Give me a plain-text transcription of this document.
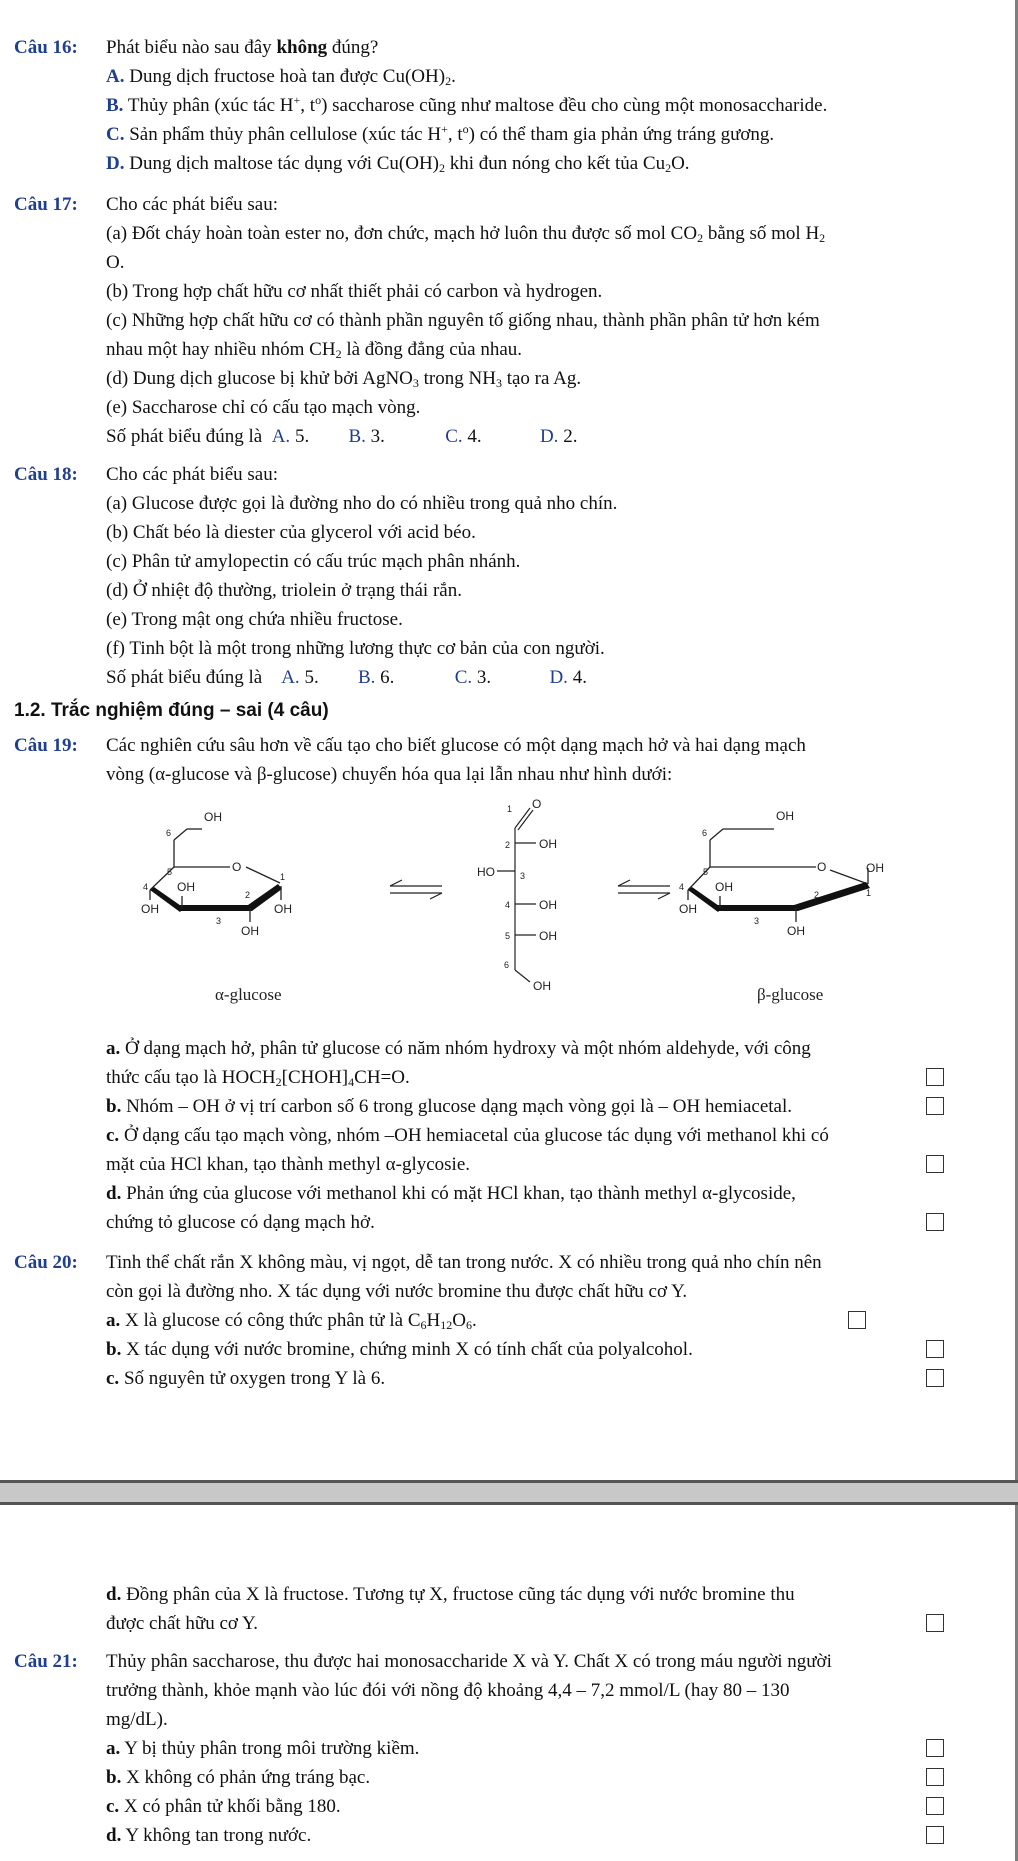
Câu 16:	Phát biểu nào sau đây không đúng?
A. Dung dịch fructose hoà tan được $Cu(OH)_2$.
B. Thủy phân (xúc tác H+, $t^o$) saccharose cũng như maltose đều cho cùng một monosaccharide.
C. Sản phẩm thủy phân cellulose (xúc tác H+, $t^o$) có thể tham gia phản ứng tráng gương.
D. Dung dịch maltose tác dụng với $Cu(OH)_2$ khi đun nóng cho kết tủa $Cu_2O$.
Câu 17:	Cho các phát biểu sau:
(a) Đốt cháy hoàn toàn ester no, đơn chức, mạch hở luôn thu được số mol $CO_2$ bằng số mol $H_2$
O.
(b) Trong hợp chất hữu cơ nhất thiết phải có carbon và hydrogen.
(c) Những hợp chất hữu cơ có thành phần nguyên tố giống nhau, thành phần phân tử hơn kém
nhau một hay nhiều nhóm $CH_2$ là đồng đẳng của nhau.
(d) Dung dịch glucose bị khử bởi AgNO$_3$ trong $NH_3$ tạo ra Ag.
(e) Saccharose chỉ có cấu tạo mạch vòng.
Số phát biểu đúng là A. 5. B. 3.	C. 4.	D. 2.
Câu 18:	Cho các phát biểu sau:
(a) Glucose được gọi là đường nho do có nhiều trong quả nho chín.
(b) Chất béo là diester của glycerol với acid béo.
(c) Phân tử amylopectin có cấu trúc mạch phân nhánh.
(d) Ở nhiệt độ thường, triolein ở trạng thái rắn.
(e) Trong mật ong chứa nhiều fructose.
(f) Tinh bột là một trong những lương thực cơ bản của con người.
Số phát biểu đúng là A. 5. B. 6.	C. 3.	D. 4.
1.2. Trắc nghiệm đúng – sai (4 câu)
Câu 19:	Các nghiên cứu sâu hơn về cấu tạo cho biết glucose có một dạng mạch hở và hai dạng mạch
vòng (α-glucose và β-glucose) chuyển hóa qua lại lẫn nhau như hình dưới:
OH
O
OH
OH	OH
OH
6
5
4
3
1
2
1 O
2 OH
HO	3
4 OH
5 OH
6
OH
OH
O	OH
OH
OH
OH
6
5
4
3
1
2
α-glucose	β-glucose
a. Ở dạng mạch hở, phân tử glucose có năm nhóm hydroxy và một nhóm aldehyde, với công
thức cấu tạo là $HOCH_2[CHOH]_4CH=O$.
b. Nhóm – OH ở vị trí carbon số 6 trong glucose dạng mạch vòng gọi là – OH hemiacetal.
c. Ở dạng cấu tạo mạch vòng, nhóm –OH hemiacetal của glucose tác dụng với methanol khi có
mặt của HCl khan, tạo thành methyl α-glycosie.
d. Phản ứng của glucose với methanol khi có mặt HCl khan, tạo thành methyl α-glycoside,
chứng tỏ glucose có dạng mạch hở.
Câu 20:	Tinh thể chất rắn X không màu, vị ngọt, dễ tan trong nước. X có nhiều trong quả nho chín nên
còn gọi là đường nho. X tác dụng với nước bromine thu được chất hữu cơ Y.
a. X là glucose có công thức phân tử là $C_6H_{12}O_6$.
b. X tác dụng với nước bromine, chứng minh X có tính chất của polyalcohol.
c. Số nguyên tử oxygen trong Y là 6.
d. Đồng phân của X là fructose. Tương tự X, fructose cũng tác dụng với nước bromine thu
được chất hữu cơ Y.
Câu 21:	Thủy phân saccharose, thu được hai monosaccharide X và Y. Chất X có trong máu người người
trưởng thành, khỏe mạnh vào lúc đói với nồng độ khoảng 4,4 – 7,2 mmol/L (hay 80 – 130
mg/dL).
a. Y bị thủy phân trong môi trường kiềm.
b. X không có phản ứng tráng bạc.
c. X có phân tử khối bằng 180.
d. Y không tan trong nước.
